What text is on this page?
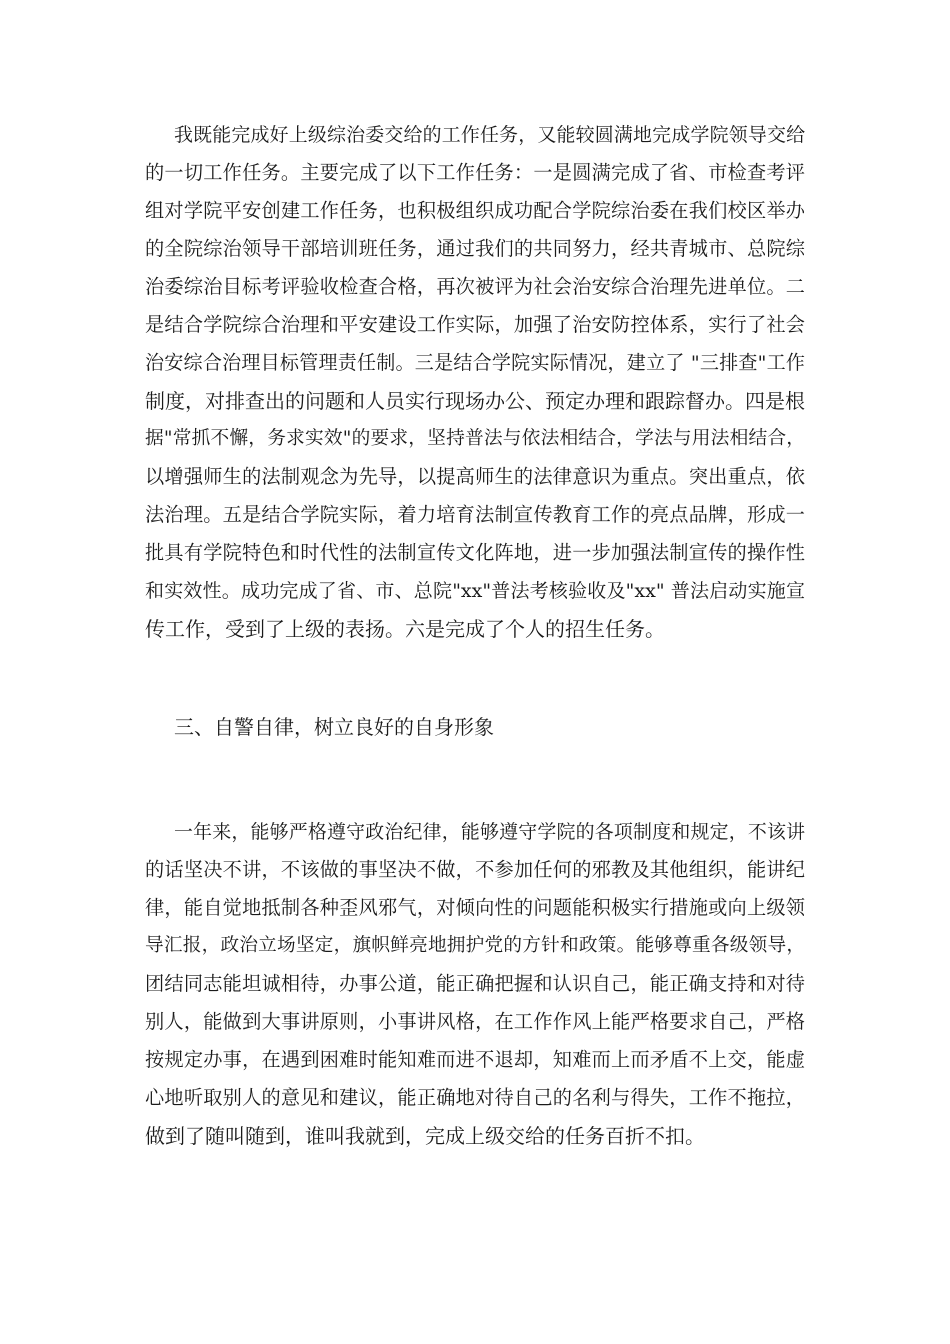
我既能完成好上级综治委交给的工作任务，又能较圆满地完成学院领导交给

的一切工作任务。主要完成了以下工作任务：一是圆满完成了省、市检查考评

组对学院平安创建工作任务，也积极组织成功配合学院综治委在我们校区举办

的全院综治领导干部培训班任务，通过我们的共同努力，经共青城市、总院综

治委综治目标考评验收检查合格，再次被评为社会治安综合治理先进单位。二

是结合学院综合治理和平安建设工作实际，加强了治安防控体系，实行了社会

治安综合治理目标管理责任制。三是结合学院实际情况，建立了 "三排查"工作

制度，对排查出的问题和人员实行现场办公、预定办理和跟踪督办。四是根

据"常抓不懈，务求实效"的要求，坚持普法与依法相结合，学法与用法相结合，

以增强师生的法制观念为先导，以提高师生的法律意识为重点。突出重点，依

法治理。五是结合学院实际，着力培育法制宣传教育工作的亮点品牌，形成一

批具有学院特色和时代性的法制宣传文化阵地，进一步加强法制宣传的操作性

和实效性。成功完成了省、市、总院"xx"普法考核验收及"xx" 普法启动实施宣

传工作，受到了上级的表扬。六是完成了个人的招生任务。

三、自警自律，树立良好的自身形象

一年来，能够严格遵守政治纪律，能够遵守学院的各项制度和规定，不该讲

的话坚决不讲，不该做的事坚决不做，不参加任何的邪教及其他组织，能讲纪

律，能自觉地抵制各种歪风邪气，对倾向性的问题能积极实行措施或向上级领

导汇报，政治立场坚定，旗帜鲜亮地拥护党的方针和政策。能够尊重各级领导，

团结同志能坦诚相待，办事公道，能正确把握和认识自己，能正确支持和对待

别人，能做到大事讲原则，小事讲风格，在工作作风上能严格要求自己，严格

按规定办事，在遇到困难时能知难而进不退却，知难而上而矛盾不上交，能虚

心地听取别人的意见和建议，能正确地对待自己的名利与得失，工作不拖拉，

做到了随叫随到，谁叫我就到，完成上级交给的任务百折不扣。
